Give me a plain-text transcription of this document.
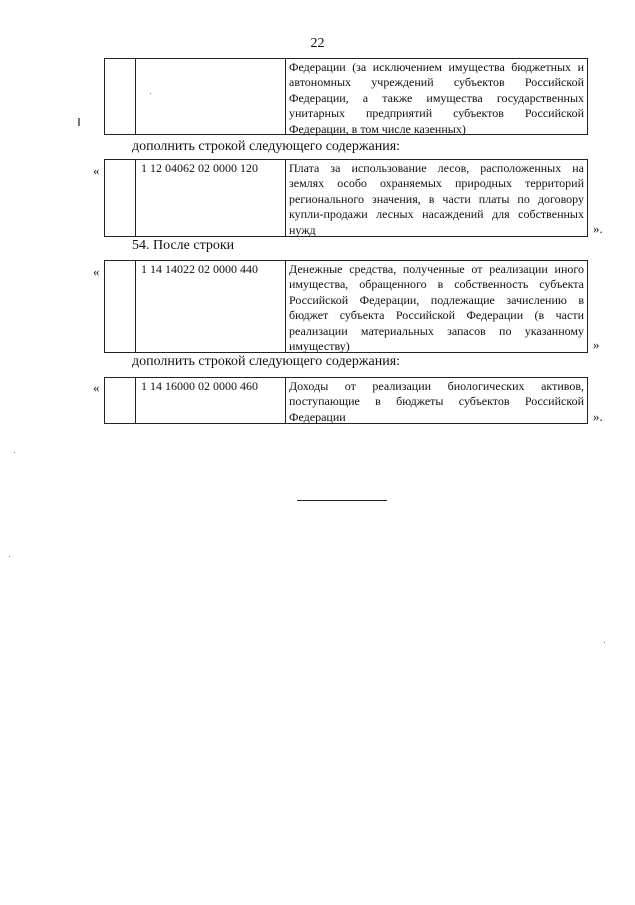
22
Федерации (за исключением имущества бюджетных и
автономных учреждений субъектов Российской
Федерации, а также имущества государственных
унитарных предприятий субъектов Российской
Федерации, в том числе казенных)
дополнить строкой следующего содержания:
«	1 12 04062 02 0000 120	Плата за использование лесов, расположенных на
землях особо охраняемых природных территорий
регионального значения, в части платы по договору
купли-продажи лесных насаждений для собственных
нужд	».
54. После строки
«	1 14 14022 02 0000 440	Денежные средства, полученные от реализации иного
имущества, обращенного в собственность субъекта
Российской Федерации, подлежащие зачислению в
бюджет субъекта Российской Федерации (в части
реализации материальных запасов по указанному
имуществу)	»
дополнить строкой следующего содержания:
«	1 14 16000 02 0000 460	Доходы от реализации биологических активов,
поступающие в бюджеты субъектов Российской
Федерации	».
